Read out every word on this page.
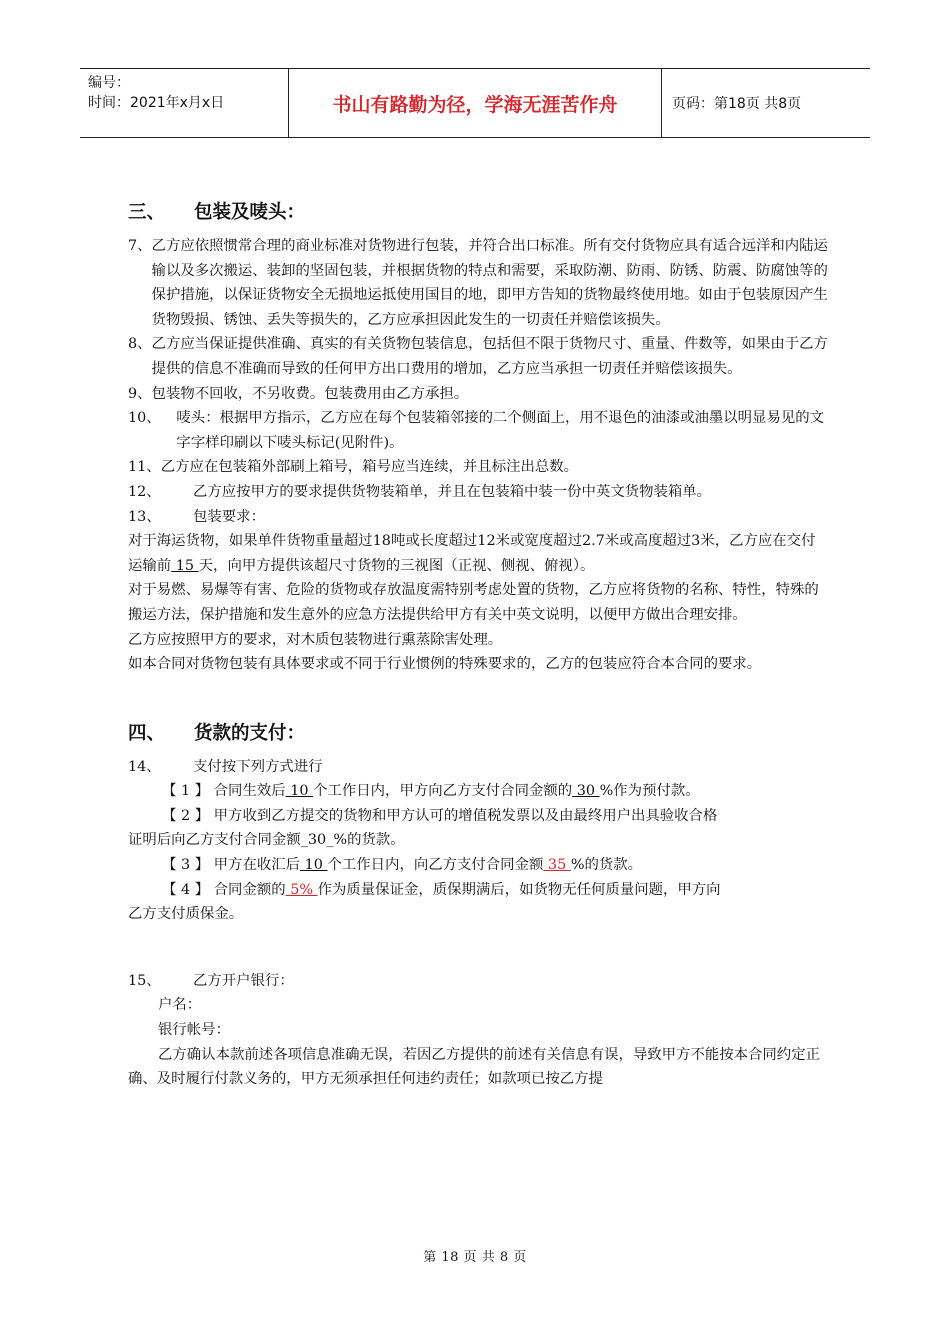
编号：
时间：2021年x月x日	书山有路勤为径，学海无涯苦作舟	页码：第18页 共8页
三、	包装及唛头：
7、 乙方应依照惯常合理的商业标准对货物进行包装，并符合出口标准。所有交付货物应具有适合远洋和内陆运输以及多次搬运、装卸的坚固包装，并根据货物的特点和需要，采取防潮、防雨、防锈、防震、防腐蚀等的保护措施，以保证货物安全无损地运抵使用国目的地，即甲方告知的货物最终使用地。如由于包装原因产生货物毁损、锈蚀、丢失等损失的，乙方应承担因此发生的一切责任并赔偿该损失。
8、 乙方应当保证提供准确、真实的有关货物包装信息，包括但不限于货物尺寸、重量、件数等，如果由于乙方提供的信息不准确而导致的任何甲方出口费用的增加，乙方应当承担一切责任并赔偿该损失。
9、 包装物不回收，不另收费。包装费用由乙方承担。
10、	唛头：根据甲方指示，乙方应在每个包装箱邻接的二个侧面上，用不退色的油漆或油墨以明显易见的文字字样印刷以下唛头标记(见附件)。
11、 乙方应在包装箱外部刷上箱号，箱号应当连续，并且标注出总数。
12、	乙方应按甲方的要求提供货物装箱单，并且在包装箱中装一份中英文货物装箱单。
13、	包装要求：

对于海运货物，如果单件货物重量超过18吨或长度超过12米或宽度超过2.7米或高度超过3米，乙方应在交付运输前 15 天，向甲方提供该超尺寸货物的三视图（正视、侧视、俯视）。

对于易燃、易爆等有害、危险的货物或存放温度需特别考虑处置的货物，乙方应将货物的名称、特性，特殊的搬运方法，保护措施和发生意外的应急方法提供给甲方有关中英文说明，以便甲方做出合理安排。

乙方应按照甲方的要求，对木质包装物进行熏蒸除害处理。

如本合同对货物包装有具体要求或不同于行业惯例的特殊要求的，乙方的包装应符合本合同的要求。

四、	货款的支付：
14、	支付按下列方式进行

【 1 】 合同生效后 10 个工作日内，甲方向乙方支付合同金额的 30 %作为预付款。

【 2 】 甲方收到乙方提交的货物和甲方认可的增值税发票以及由最终用户出具验收合格

证明后向乙方支付合同金额_30_%的货款。

【 3 】 甲方在收汇后 10 个工作日内，向乙方支付合同金额 35 %的货款。

【 4 】 合同金额的 5% 作为质量保证金，质保期满后，如货物无任何质量问题，甲方向

乙方支付质保金。

15、	乙方开户银行：

户名：

银行帐号：

乙方确认本款前述各项信息准确无误，若因乙方提供的前述有关信息有误，导致甲方不能按本合同约定正确、及时履行付款义务的，甲方无须承担任何违约责任；如款项已按乙方提

第 18 页 共 8 页
